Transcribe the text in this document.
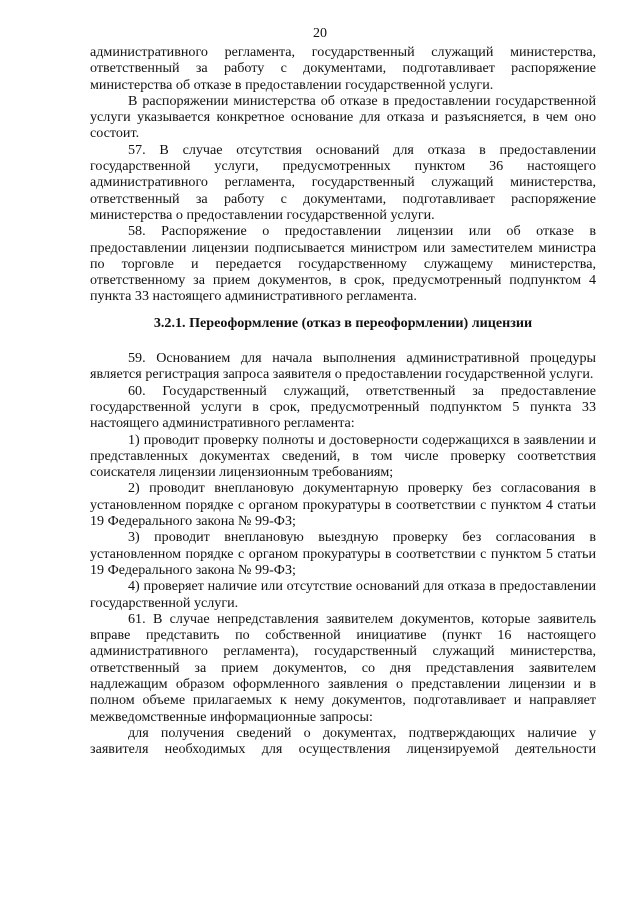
20

административного регламента, государственный служащий министерства, ответственный за работу с документами, подготавливает распоряжение министерства об отказе в предоставлении государственной услуги.

В распоряжении министерства об отказе в предоставлении государственной услуги указывается конкретное основание для отказа и разъясняется, в чем оно состоит.

57. В случае отсутствия оснований для отказа в предоставлении государственной услуги, предусмотренных пунктом 36 настоящего административного регламента, государственный служащий министерства, ответственный за работу с документами, подготавливает распоряжение министерства о предоставлении государственной услуги.

58. Распоряжение о предоставлении лицензии или об отказе в предоставлении лицензии подписывается министром или заместителем министра по торговле и передается государственному служащему министерства, ответственному за прием документов, в срок, предусмотренный подпунктом 4 пункта 33 настоящего административного регламента.

3.2.1. Переоформление (отказ в переоформлении) лицензии

59. Основанием для начала выполнения административной процедуры является регистрация запроса заявителя о предоставлении государственной услуги.

60. Государственный служащий, ответственный за предоставление государственной услуги в срок, предусмотренный подпунктом 5 пункта 33 настоящего административного регламента:

1) проводит проверку полноты и достоверности содержащихся в заявлении и представленных документах сведений, в том числе проверку соответствия соискателя лицензии лицензионным требованиям;

2) проводит внеплановую документарную проверку без согласования в установленном порядке с органом прокуратуры в соответствии с пунктом 4 статьи 19 Федерального закона № 99-ФЗ;

3) проводит внеплановую выездную проверку без согласования в установленном порядке с органом прокуратуры в соответствии с пунктом 5 статьи 19 Федерального закона № 99-ФЗ;

4) проверяет наличие или отсутствие оснований для отказа в предоставлении государственной услуги.

61. В случае непредставления заявителем документов, которые заявитель вправе представить по собственной инициативе (пункт 16 настоящего административного регламента), государственный служащий министерства, ответственный за прием документов, со дня представления заявителем надлежащим образом оформленного заявления о представлении лицензии и в полном объеме прилагаемых к нему документов, подготавливает и направляет межведомственные информационные запросы:

для получения сведений о документах, подтверждающих наличие у заявителя необходимых для осуществления лицензируемой деятельности
